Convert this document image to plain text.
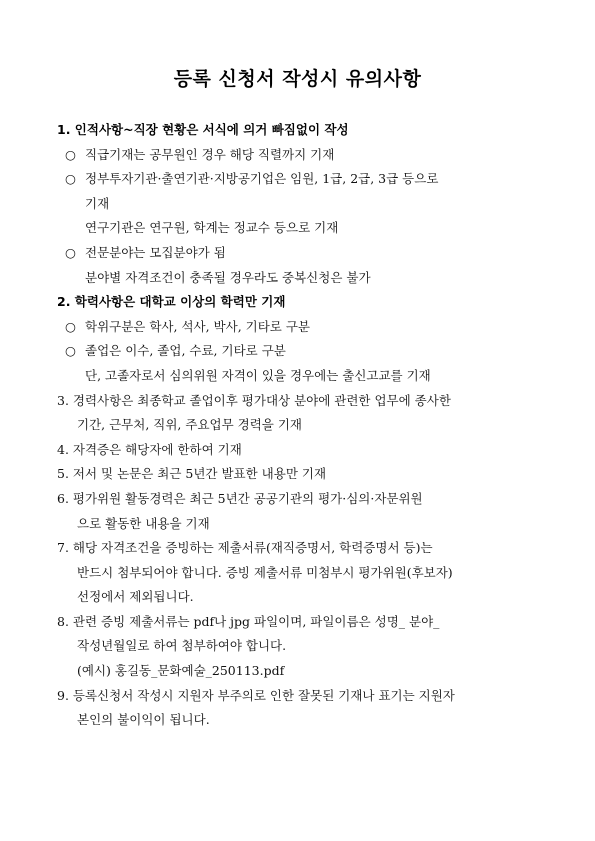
등록 신청서 작성시 유의사항
1. 인적사항~직장 현황은 서식에 의거 빠짐없이 작성
○ 직급기재는 공무원인 경우 해당 직렬까지 기재
○ 정부투자기관·출연기관·지방공기업은 임원, 1급, 2급, 3급 등으로
기재
연구기관은 연구원, 학계는 정교수 등으로 기재
○ 전문분야는 모집분야가 됨
분야별 자격조건이 충족될 경우라도 중복신청은 불가
2. 학력사항은 대학교 이상의 학력만 기재
○ 학위구분은 학사, 석사, 박사, 기타로 구분
○ 졸업은 이수, 졸업, 수료, 기타로 구분
단, 고졸자로서 심의위원 자격이 있을 경우에는 출신고교를 기재
3. 경력사항은 최종학교 졸업이후 평가대상 분야에 관련한 업무에 종사한
기간, 근무처, 직위, 주요업무 경력을 기재
4. 자격증은 해당자에 한하여 기재
5. 저서 및 논문은 최근 5년간 발표한 내용만 기재
6. 평가위원 활동경력은 최근 5년간 공공기관의 평가·심의·자문위원
으로 활동한 내용을 기재
7. 해당 자격조건을 증빙하는 제출서류(재직증명서, 학력증명서 등)는
반드시 첨부되어야 합니다. 증빙 제출서류 미첨부시 평가위원(후보자)
선정에서 제외됩니다.
8. 관련 증빙 제출서류는 pdf나 jpg 파일이며, 파일이름은 성명_ 분야_
작성년월일로 하여 첨부하여야 합니다.
(예시) 홍길동_문화예술_250113.pdf
9. 등록신청서 작성시 지원자 부주의로 인한 잘못된 기재나 표기는 지원자
본인의 불이익이 됩니다.
